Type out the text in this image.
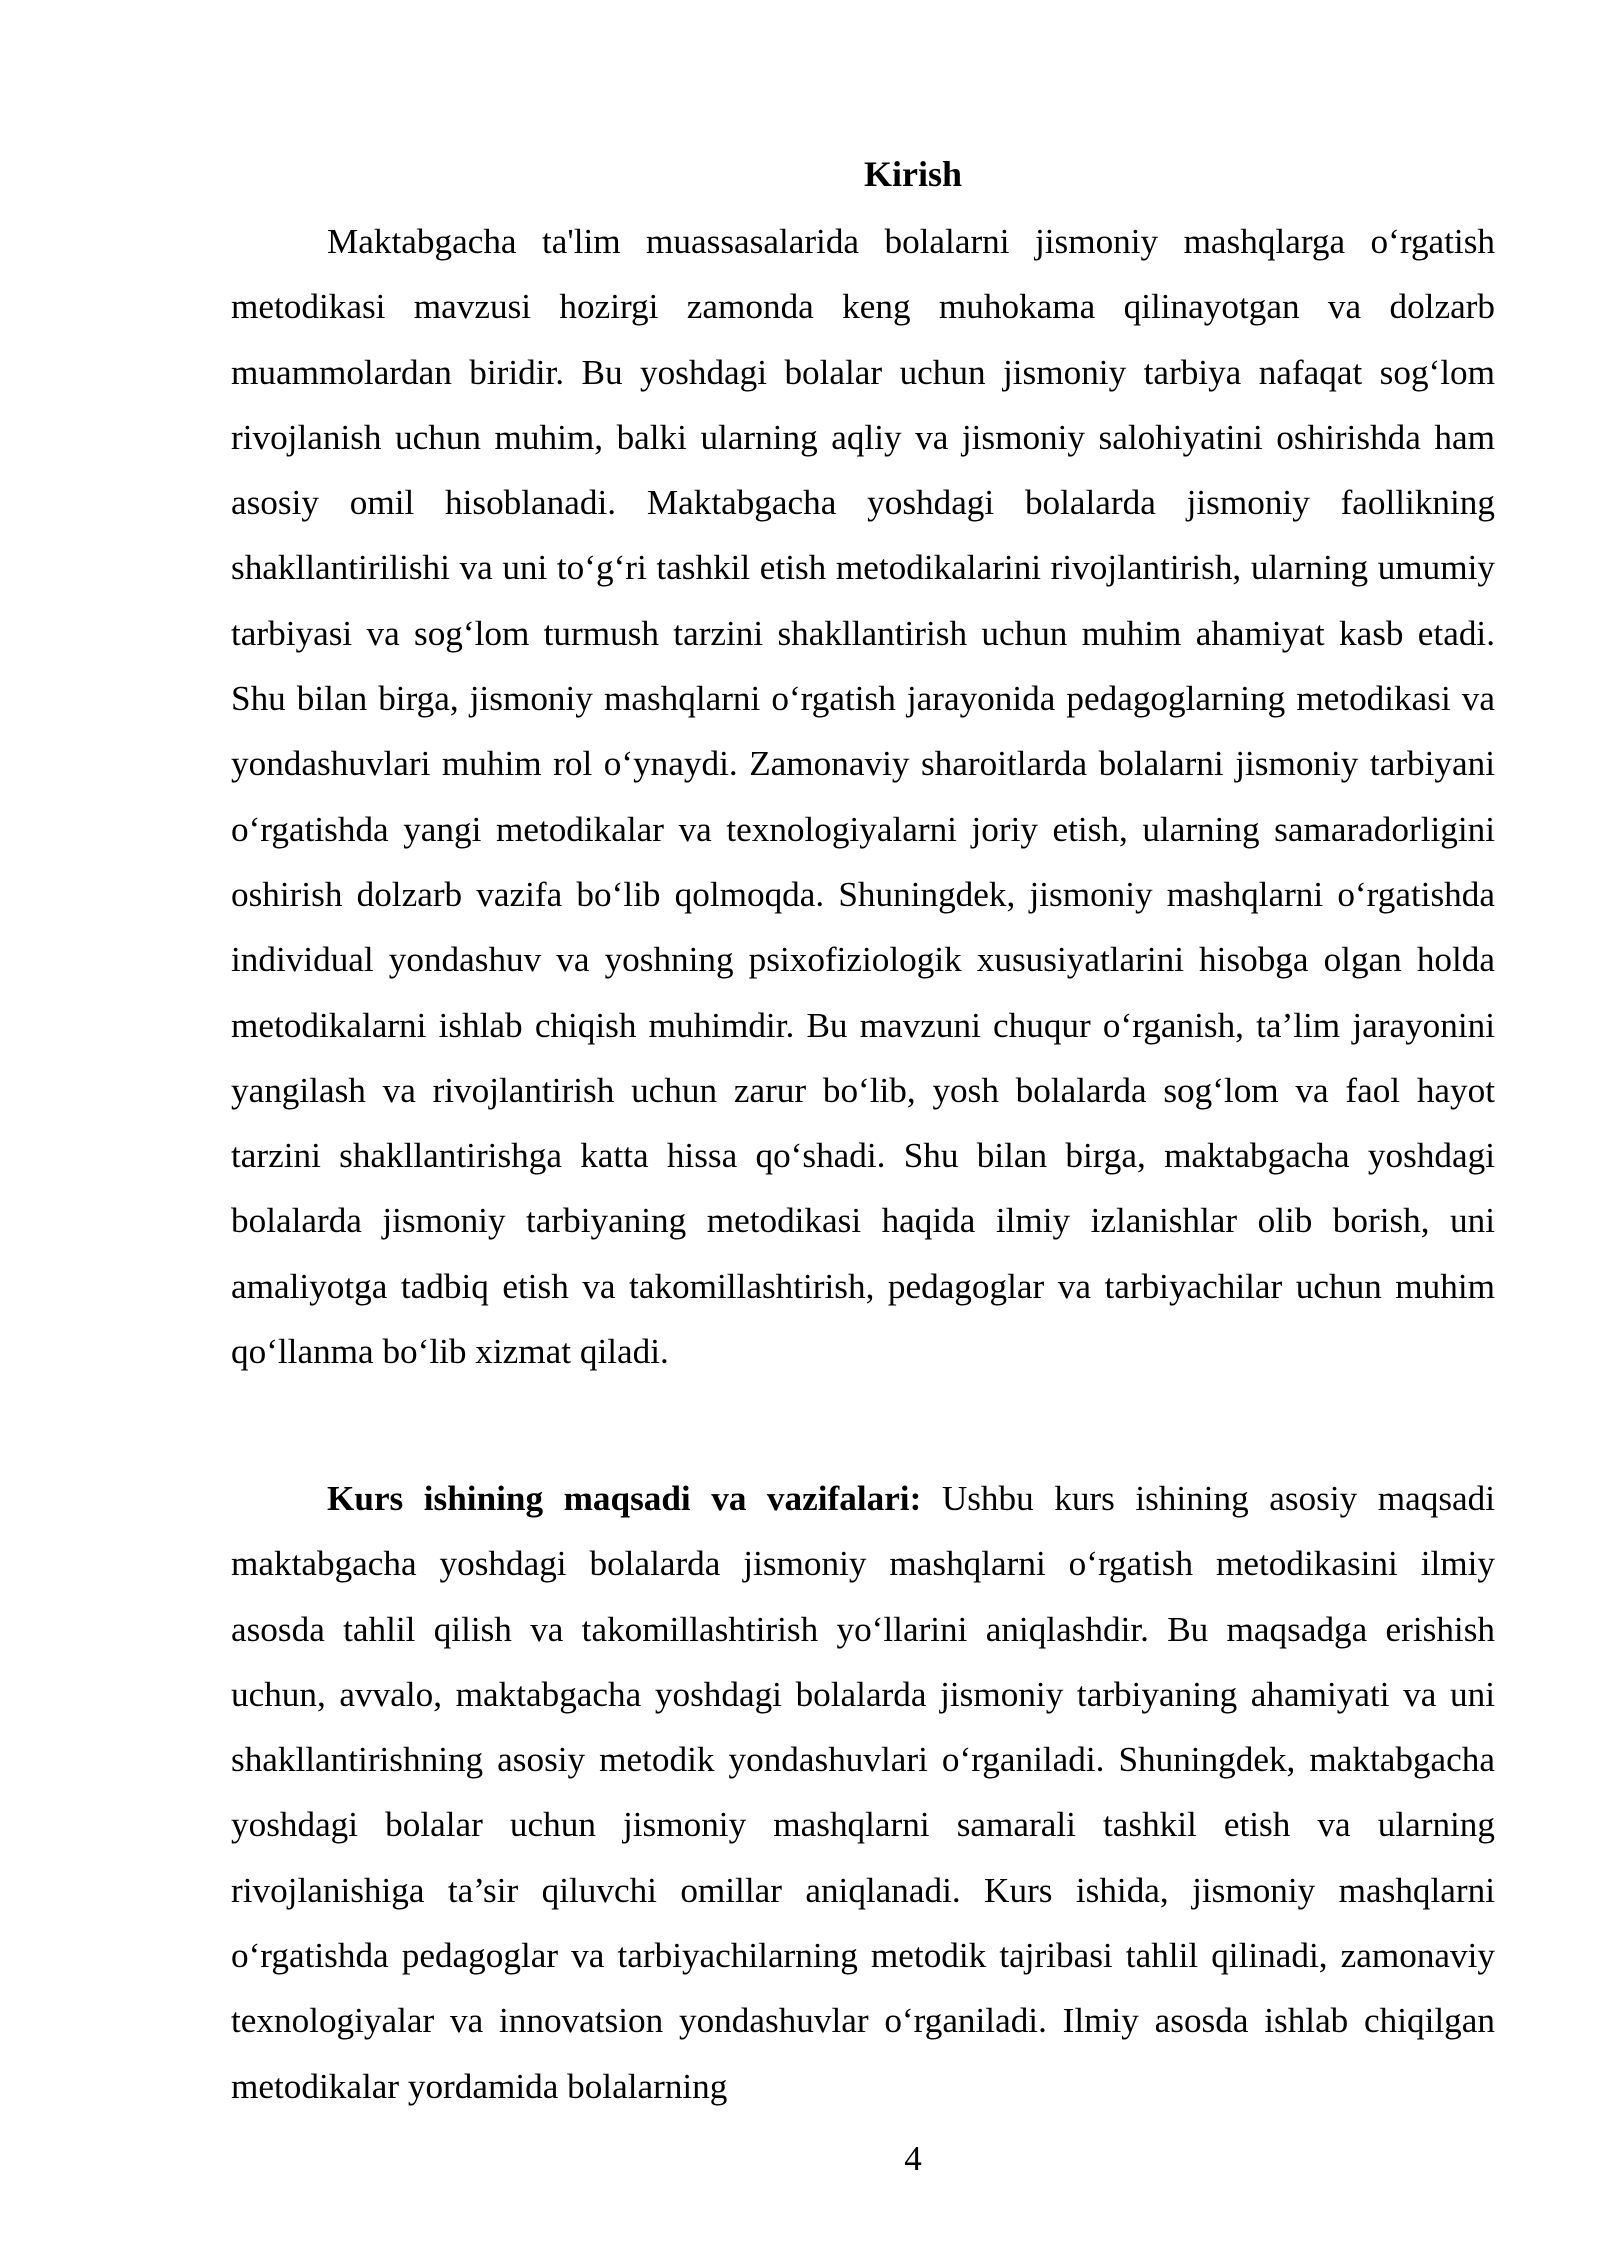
Kirish

Maktabgacha ta'lim muassasalarida bolalarni jismoniy mashqlarga o‘rgatish metodikasi mavzusi hozirgi zamonda keng muhokama qilinayotgan va dolzarb muammolardan biridir. Bu yoshdagi bolalar uchun jismoniy tarbiya nafaqat sog‘lom rivojlanish uchun muhim, balki ularning aqliy va jismoniy salohiyatini oshirishda ham asosiy omil hisoblanadi. Maktabgacha yoshdagi bolalarda jismoniy faollikning shakllantirilishi va uni to‘g‘ri tashkil etish metodikalarini rivojlantirish, ularning umumiy tarbiyasi va sog‘lom turmush tarzini shakllantirish uchun muhim ahamiyat kasb etadi. Shu bilan birga, jismoniy mashqlarni o‘rgatish jarayonida pedagoglarning metodikasi va yondashuvlari muhim rol o‘ynaydi. Zamonaviy sharoitlarda bolalarni jismoniy tarbiyani o‘rgatishda yangi metodikalar va texnologiyalarni joriy etish, ularning samaradorligini oshirish dolzarb vazifa bo‘lib qolmoqda. Shuningdek, jismoniy mashqlarni o‘rgatishda individual yondashuv va yoshning psixofiziologik xususiyatlarini hisobga olgan holda metodikalarni ishlab chiqish muhimdir. Bu mavzuni chuqur o‘rganish, ta’lim jarayonini yangilash va rivojlantirish uchun zarur bo‘lib, yosh bolalarda sog‘lom va faol hayot tarzini shakllantirishga katta hissa qo‘shadi. Shu bilan birga, maktabgacha yoshdagi bolalarda jismoniy tarbiyaning metodikasi haqida ilmiy izlanishlar olib borish, uni amaliyotga tadbiq etish va takomillashtirish, pedagoglar va tarbiyachilar uchun muhim qo‘llanma bo‘lib xizmat qiladi.

Kurs ishining maqsadi va vazifalari: Ushbu kurs ishining asosiy maqsadi maktabgacha yoshdagi bolalarda jismoniy mashqlarni o‘rgatish metodikasini ilmiy asosda tahlil qilish va takomillashtirish yo‘llarini aniqlashdir. Bu maqsadga erishish uchun, avvalo, maktabgacha yoshdagi bolalarda jismoniy tarbiyaning ahamiyati va uni shakllantirishning asosiy metodik yondashuvlari o‘rganiladi. Shuningdek, maktabgacha yoshdagi bolalar uchun jismoniy mashqlarni samarali tashkil etish va ularning rivojlanishiga ta’sir qiluvchi omillar aniqlanadi. Kurs ishida, jismoniy mashqlarni o‘rgatishda pedagoglar va tarbiyachilarning metodik tajribasi tahlil qilinadi, zamonaviy texnologiyalar va innovatsion yondashuvlar o‘rganiladi. Ilmiy asosda ishlab chiqilgan metodikalar yordamida bolalarning

4
